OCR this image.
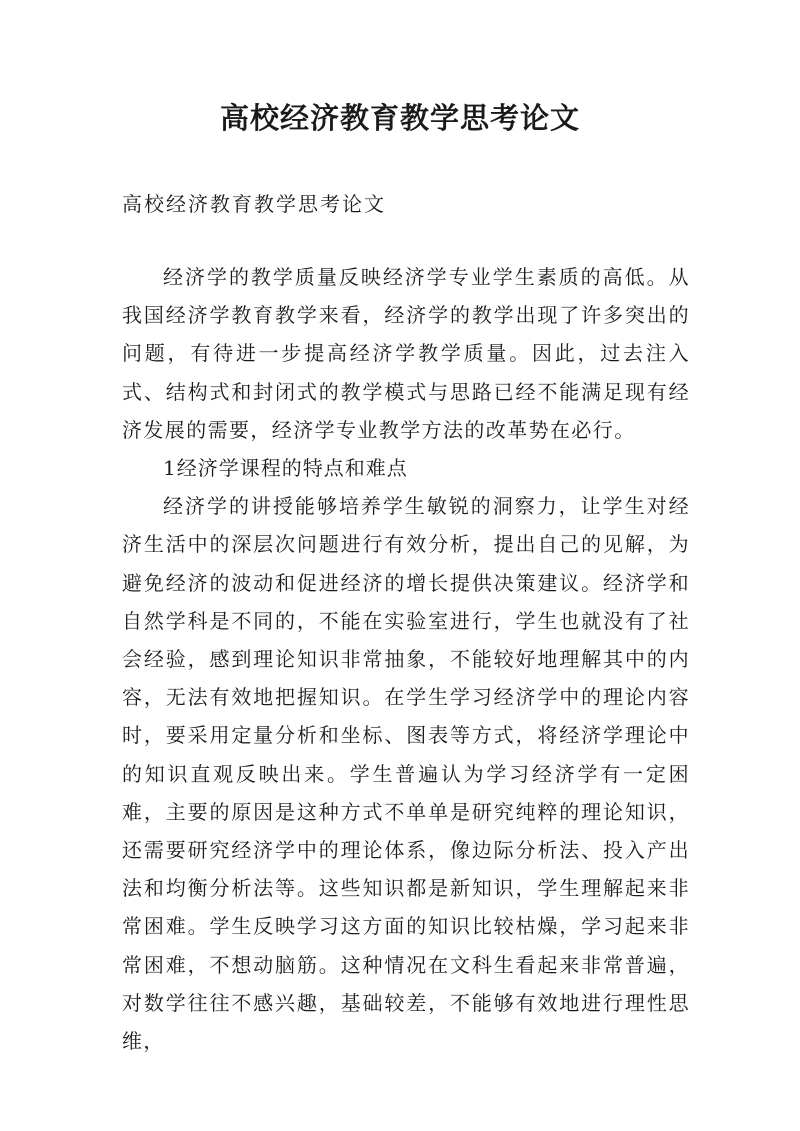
高校经济教育教学思考论文
高校经济教育教学思考论文

经济学的教学质量反映经济学专业学生素质的高低。从我国经济学教育教学来看，经济学的教学出现了许多突出的问题，有待进一步提高经济学教学质量。因此，过去注入式、结构式和封闭式的教学模式与思路已经不能满足现有经济发展的需要，经济学专业教学方法的改革势在必行。

1经济学课程的特点和难点

经济学的讲授能够培养学生敏锐的洞察力，让学生对经济生活中的深层次问题进行有效分析，提出自己的见解，为避免经济的波动和促进经济的增长提供决策建议。经济学和自然学科是不同的，不能在实验室进行，学生也就没有了社会经验，感到理论知识非常抽象，不能较好地理解其中的内容，无法有效地把握知识。在学生学习经济学中的理论内容时，要采用定量分析和坐标、图表等方式，将经济学理论中的知识直观反映出来。学生普遍认为学习经济学有一定困难，主要的原因是这种方式不单单是研究纯粹的理论知识，还需要研究经济学中的理论体系，像边际分析法、投入产出法和均衡分析法等。这些知识都是新知识，学生理解起来非常困难。学生反映学习这方面的知识比较枯燥，学习起来非常困难，不想动脑筋。这种情况在文科生看起来非常普遍，对数学往往不感兴趣，基础较差，不能够有效地进行理性思维，
